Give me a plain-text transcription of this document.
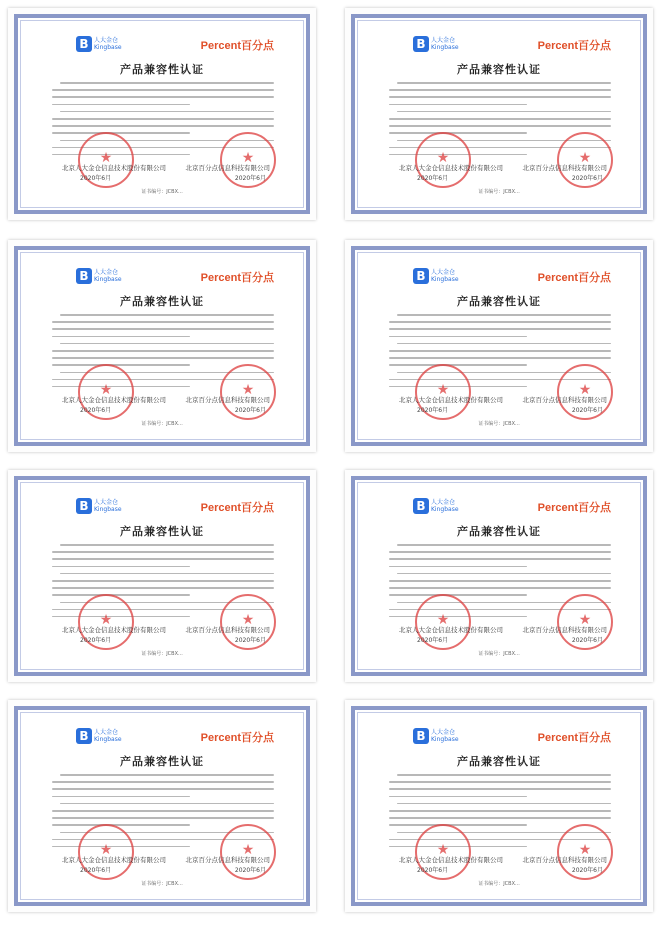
B 人大金仓
Kingbase	Percent百分点
产品兼容性认证
★
★
北京人大金仓信息技术股份有限公司	北京百分点信息科技有限公司
2020年6月	2020年6月
证书编号：JCBX...
B 人大金仓
Kingbase	Percent百分点
产品兼容性认证
★
★
北京人大金仓信息技术股份有限公司	北京百分点信息科技有限公司
2020年6月	2020年6月
证书编号：JCBX...
B 人大金仓
Kingbase	Percent百分点
产品兼容性认证
★
★
北京人大金仓信息技术股份有限公司	北京百分点信息科技有限公司
2020年6月	2020年6月
证书编号：JCBX...
B 人大金仓
Kingbase	Percent百分点
产品兼容性认证
★
★
北京人大金仓信息技术股份有限公司	北京百分点信息科技有限公司
2020年6月	2020年6月
证书编号：JCBX...
B 人大金仓
Kingbase	Percent百分点
产品兼容性认证
★
★
北京人大金仓信息技术股份有限公司	北京百分点信息科技有限公司
2020年6月	2020年6月
证书编号：JCBX...
B 人大金仓
Kingbase	Percent百分点
产品兼容性认证
★
★
北京人大金仓信息技术股份有限公司	北京百分点信息科技有限公司
2020年6月	2020年6月
证书编号：JCBX...
B 人大金仓
Kingbase	Percent百分点
产品兼容性认证
★
★
北京人大金仓信息技术股份有限公司	北京百分点信息科技有限公司
2020年6月	2020年6月
证书编号：JCBX...
B 人大金仓
Kingbase	Percent百分点
产品兼容性认证
★
★
北京人大金仓信息技术股份有限公司	北京百分点信息科技有限公司
2020年6月	2020年6月
证书编号：JCBX...
